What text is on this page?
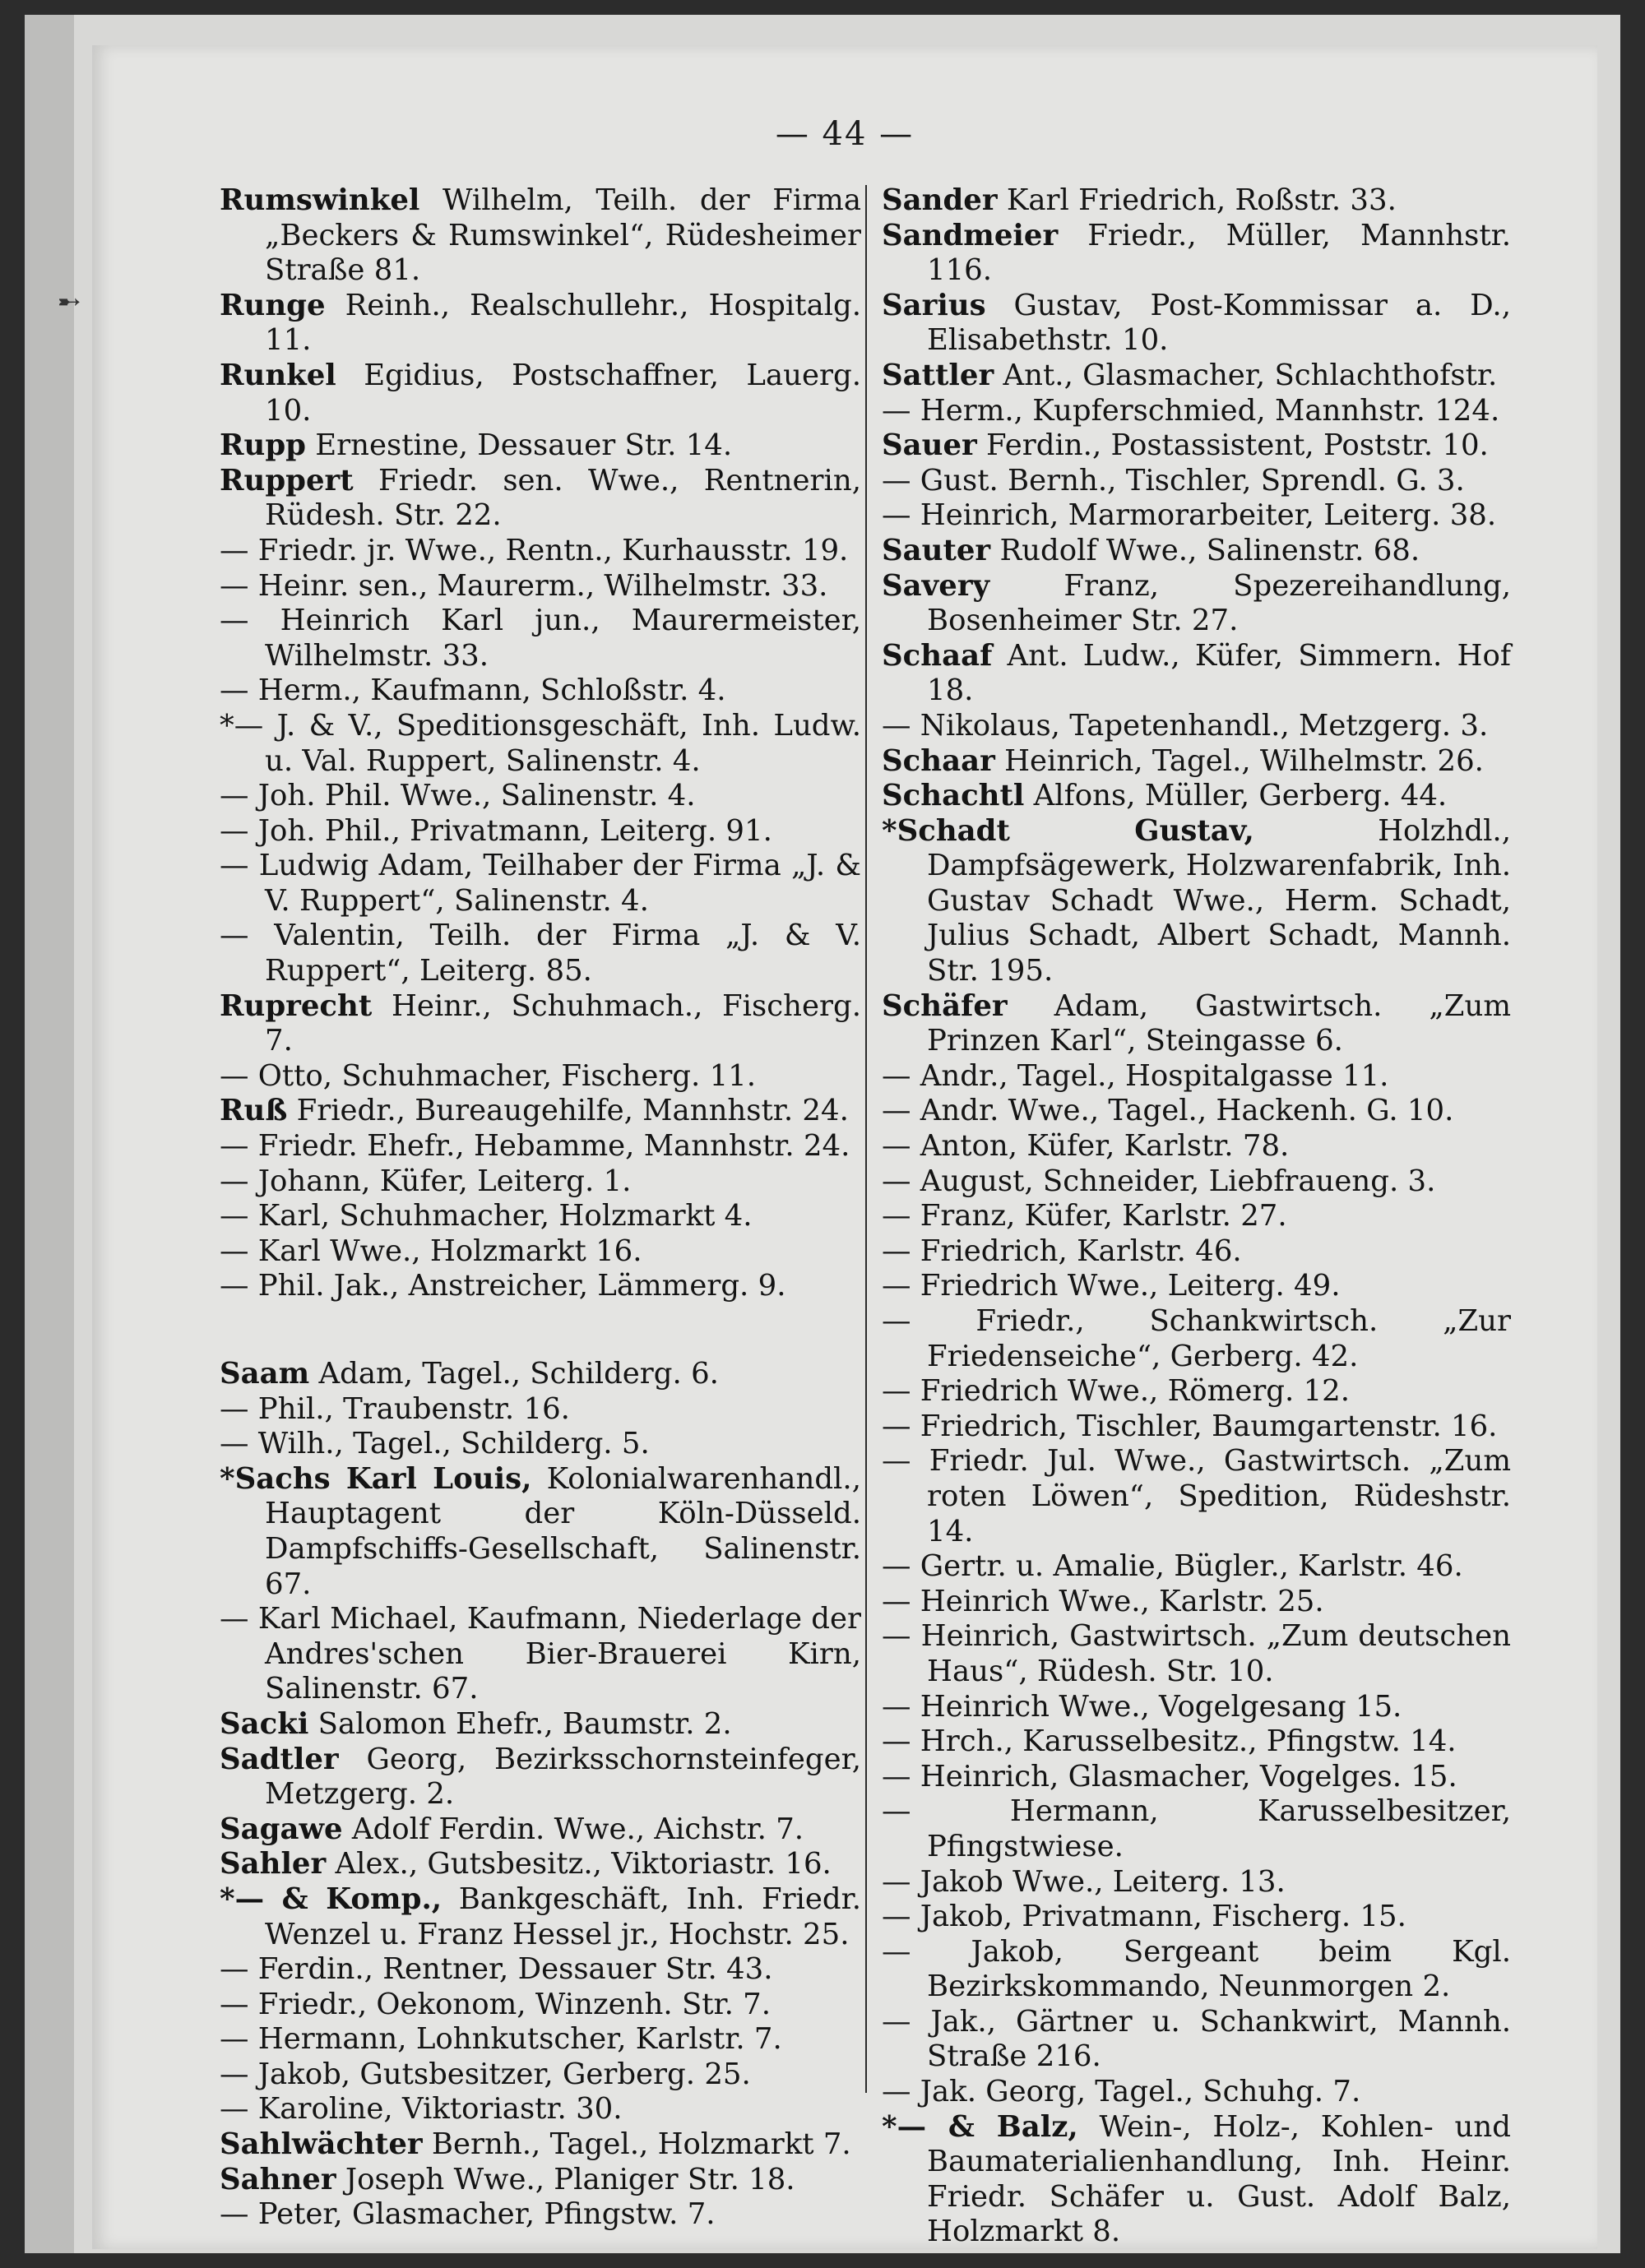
— 44 —
Rumswinkel Wilhelm, Teilh. der Firma „Beckers & Rumswinkel“, Rüdesheimer Straße 81.
Runge Reinh., Realschullehr., Hospitalg. 11.
Runkel Egidius, Postschaffner, Lauerg. 10.
Rupp Ernestine, Dessauer Str. 14.
Ruppert Friedr. sen. Wwe., Rentnerin, Rüdesh. Str. 22.
— Friedr. jr. Wwe., Rentn., Kurhausstr. 19.
— Heinr. sen., Maurerm., Wilhelmstr. 33.
— Heinrich Karl jun., Maurermeister, Wilhelmstr. 33.
— Herm., Kaufmann, Schloßstr. 4.
*— J. & V., Speditionsgeschäft, Inh. Ludw. u. Val. Ruppert, Salinenstr. 4.
— Joh. Phil. Wwe., Salinenstr. 4.
— Joh. Phil., Privatmann, Leiterg. 91.
— Ludwig Adam, Teilhaber der Firma „J. & V. Ruppert“, Salinenstr. 4.
— Valentin, Teilh. der Firma „J. & V. Ruppert“, Leiterg. 85.
Ruprecht Heinr., Schuhmach., Fischerg. 7.
— Otto, Schuhmacher, Fischerg. 11.
Ruß Friedr., Bureaugehilfe, Mannhstr. 24.
— Friedr. Ehefr., Hebamme, Mannhstr. 24.
— Johann, Küfer, Leiterg. 1.
— Karl, Schuhmacher, Holzmarkt 4.
— Karl Wwe., Holzmarkt 16.
— Phil. Jak., Anstreicher, Lämmerg. 9.
Saam Adam, Tagel., Schilderg. 6.
— Phil., Traubenstr. 16.
— Wilh., Tagel., Schilderg. 5.
*Sachs Karl Louis, Kolonialwarenhandl., Hauptagent der Köln-Düsseld. Dampfschiffs-Gesellschaft, Salinenstr. 67.
— Karl Michael, Kaufmann, Niederlage der Andres'schen Bier-Brauerei Kirn, Salinenstr. 67.
Sacki Salomon Ehefr., Baumstr. 2.
Sadtler Georg, Bezirksschornsteinfeger, Metzgerg. 2.
Sagawe Adolf Ferdin. Wwe., Aichstr. 7.
Sahler Alex., Gutsbesitz., Viktoriastr. 16.
*— & Komp., Bankgeschäft, Inh. Friedr. Wenzel u. Franz Hessel jr., Hochstr. 25.
— Ferdin., Rentner, Dessauer Str. 43.
— Friedr., Oekonom, Winzenh. Str. 7.
— Hermann, Lohnkutscher, Karlstr. 7.
— Jakob, Gutsbesitzer, Gerberg. 25.
— Karoline, Viktoriastr. 30.
Sahlwächter Bernh., Tagel., Holzmarkt 7.
Sahner Joseph Wwe., Planiger Str. 18.
— Peter, Glasmacher, Pfingstw. 7.
Sander Karl Friedrich, Roßstr. 33.
Sandmeier Friedr., Müller, Mannhstr. 116.
Sarius Gustav, Post-Kommissar a. D., Elisabethstr. 10.
Sattler Ant., Glasmacher, Schlachthofstr.
— Herm., Kupferschmied, Mannhstr. 124.
Sauer Ferdin., Postassistent, Poststr. 10.
— Gust. Bernh., Tischler, Sprendl. G. 3.
— Heinrich, Marmorarbeiter, Leiterg. 38.
Sauter Rudolf Wwe., Salinenstr. 68.
Savery	Franz, Spezereihandlung, Bosenheimer Str. 27.
Schaaf Ant. Ludw., Küfer, Simmern. Hof 18.
— Nikolaus, Tapetenhandl., Metzgerg. 3.
Schaar Heinrich, Tagel., Wilhelmstr. 26.
Schachtl Alfons, Müller, Gerberg. 44.
*Schadt Gustav,	Holzhdl., Dampfsägewerk, Holzwarenfabrik, Inh. Gustav Schadt Wwe., Herm. Schadt, Julius Schadt, Albert Schadt, Mannh. Str. 195.
Schäfer Adam, Gastwirtsch. „Zum Prinzen Karl“, Steingasse 6.
— Andr., Tagel., Hospitalgasse 11.
— Andr. Wwe., Tagel., Hackenh. G. 10.
— Anton, Küfer, Karlstr. 78.
— August, Schneider, Liebfraueng. 3.
— Franz, Küfer, Karlstr. 27.
— Friedrich, Karlstr. 46.
— Friedrich Wwe., Leiterg. 49.
— Friedr., Schankwirtsch. „Zur Friedenseiche“, Gerberg. 42.
— Friedrich Wwe., Römerg. 12.
— Friedrich, Tischler, Baumgartenstr. 16.
— Friedr. Jul. Wwe., Gastwirtsch. „Zum roten Löwen“, Spedition, Rüdeshstr. 14.
— Gertr. u. Amalie, Bügler., Karlstr. 46.
— Heinrich Wwe., Karlstr. 25.
— Heinrich, Gastwirtsch. „Zum deutschen Haus“, Rüdesh. Str. 10.
— Heinrich Wwe., Vogelgesang 15.
— Hrch., Karusselbesitz., Pfingstw. 14.
— Heinrich, Glasmacher, Vogelges. 15.
— Hermann, Karusselbesitzer, Pfingstwiese.
— Jakob Wwe., Leiterg. 13.
— Jakob, Privatmann, Fischerg. 15.
— Jakob, Sergeant beim Kgl. Bezirkskommando, Neunmorgen 2.
— Jak., Gärtner u. Schankwirt, Mannh. Straße 216.
— Jak. Georg, Tagel., Schuhg. 7.
*— & Balz, Wein-, Holz-, Kohlen- und Baumaterialienhandlung, Inh. Heinr. Friedr. Schäfer u. Gust. Adolf Balz, Holzmarkt 8.
➸
